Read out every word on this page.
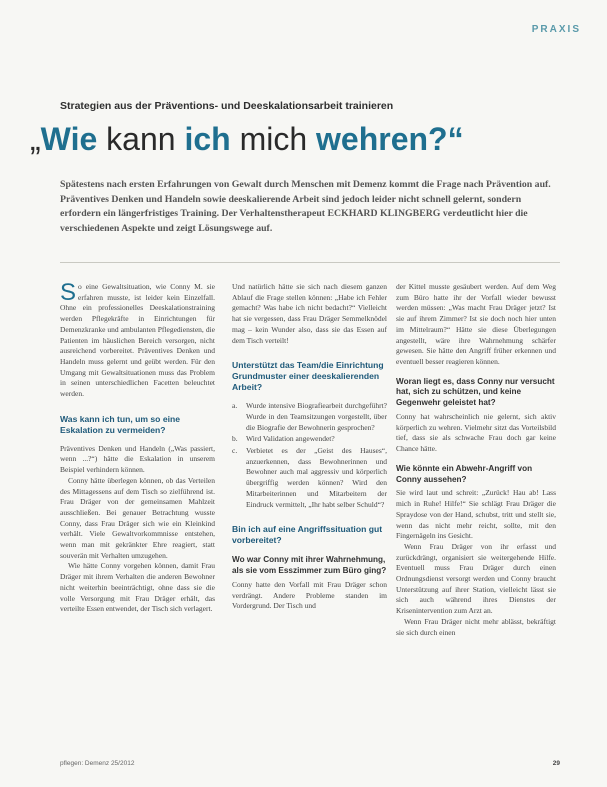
PRAXIS
Strategien aus der Präventions- und Deeskalationsarbeit trainieren
„Wie kann ich mich wehren?“
Spätestens nach ersten Erfahrungen von Gewalt durch Menschen mit Demenz kommt die Frage nach Prävention auf. Präventives Denken und Handeln sowie deeskalierende Arbeit sind jedoch leider nicht schnell gelernt, sondern erfordern ein längerfristiges Training. Der Verhaltenstherapeut ECKHARD KLINGBERG verdeutlicht hier die verschiedenen Aspekte und zeigt Lösungswege auf.

So eine Gewaltsituation, wie Conny M. sie erfahren musste, ist leider kein Einzelfall. Ohne ein professionelles Deeskalationstraining werden Pflegekräfte in Einrichtungen für Demenzkranke und ambulanten Pflegediensten, die Patienten im häuslichen Bereich versorgen, nicht ausreichend vorbereitet. Präventives Denken und Handeln muss gelernt und geübt werden. Für den Umgang mit Gewaltsituationen muss das Problem in seinen unterschiedlichen Facetten beleuchtet werden.

Was kann ich tun, um so eine Eskalation zu vermeiden?

Präventives Denken und Handeln („Was passiert, wenn ...?“) hätte die Eskalation in unserem Beispiel verhindern können.

Conny hätte überlegen können, ob das Verteilen des Mittagessens auf dem Tisch so zielführend ist. Frau Dräger von der gemeinsamen Mahlzeit ausschließen. Bei genauer Betrachtung wusste Conny, dass Frau Dräger sich wie ein Kleinkind verhält. Viele Gewaltvorkommnisse entstehen, wenn man mit gekränkter Ehre reagiert, statt souverän mit Verhalten umzugehen.

Wie hätte Conny vorgehen können, damit Frau Dräger mit ihrem Verhalten die anderen Bewohner nicht weiterhin beeinträchtigt, ohne dass sie die volle Versorgung mit Frau Dräger erhält, das verteilte Essen entwendet, der Tisch sich verlagert.

Und natürlich hätte sie sich nach diesem ganzen Ablauf die Frage stellen können: „Habe ich Fehler gemacht? Was habe ich nicht bedacht?“ Vielleicht hat sie vergessen, dass Frau Dräger Semmelknödel mag – kein Wunder also, dass sie das Essen auf dem Tisch verteilt!

Unterstützt das Team/die Einrichtung Grundmuster einer deeskalierenden Arbeit?
a.	Wurde intensive Biografiearbeit durchgeführt? Wurde in den Teamsitzungen vorgestellt, über die Biografie der Bewohnerin gesprochen?
b.	Wird Validation angewendet?
c.	Verbietet es der „Geist des Hauses“, anzuerkennen, dass Bewohnerinnen und Bewohner auch mal aggressiv und körperlich übergriffig werden können? Wird den Mitarbeiterinnen und Mitarbeitern der Eindruck vermittelt, „Ihr habt selber Schuld“?
Bin ich auf eine Angriffssituation gut vorbereitet?
Wo war Conny mit ihrer Wahrnehmung, als sie vom Esszimmer zum Büro ging?

Conny hatte den Vorfall mit Frau Dräger schon verdrängt. Andere Probleme standen im Vordergrund. Der Tisch und

der Kittel musste gesäubert werden. Auf dem Weg zum Büro hatte ihr der Vorfall wieder bewusst werden müssen: „Was macht Frau Dräger jetzt? Ist sie auf ihrem Zimmer? Ist sie doch noch hier unten im Mittelraum?“ Hätte sie diese Überlegungen angestellt, wäre ihre Wahrnehmung schärfer gewesen. Sie hätte den Angriff früher erkennen und eventuell besser reagieren können.

Woran liegt es, dass Conny nur versucht hat, sich zu schützen, und keine Gegenwehr geleistet hat?

Conny hat wahrscheinlich nie gelernt, sich aktiv körperlich zu wehren. Vielmehr sitzt das Vorteilsbild tief, dass sie als schwache Frau doch gar keine Chance hätte.

Wie könnte ein Abwehr-Angriff von Conny aussehen?

Sie wird laut und schreit: „Zurück! Hau ab! Lass mich in Ruhe! Hilfe!“ Sie schlägt Frau Dräger die Spraydose von der Hand, schubst, tritt und stellt sie, wenn das nicht mehr reicht, sollte, mit den Fingernägeln ins Gesicht.

Wenn Frau Dräger von ihr erfasst und zurückdrängt, organisiert sie weitergehende Hilfe. Eventuell muss Frau Dräger durch einen Ordnungsdienst versorgt werden und Conny braucht Unterstützung auf ihrer Station, vielleicht lässt sie sich auch während ihres Dienstes der Krisenintervention zum Arzt an.

Wenn Frau Dräger nicht mehr ablässt, bekräftigt sie sich durch einen

pflegen: Demenz 25/2012	29
